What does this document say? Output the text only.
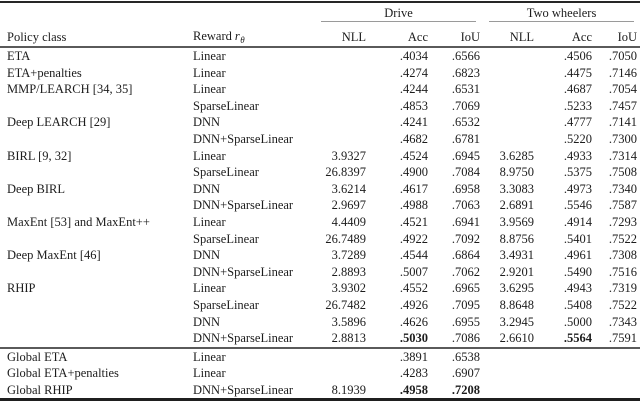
		Drive			Two wheelers		

Policy class	Reward $r_\theta$	NLL	Acc	IoU	NLL	Acc	IoU
ETA	Linear		.4034	.6566		.4506	.7050
ETA+penalties	Linear		.4274	.6823		.4475	.7146
MMP/LEARCH [34, 35]	Linear		.4244	.6531		.4687	.7054
	SparseLinear		.4853	.7069		.5233	.7457
Deep LEARCH [29]	DNN		.4241	.6532		.4777	.7141
	DNN+SparseLinear		.4682	.6781		.5220	.7300
BIRL [9, 32]	Linear	3.9327	.4524	.6945	3.6285	.4933	.7314
	SparseLinear	26.8397	.4900	.7084	8.9750	.5375	.7508
Deep BIRL	DNN	3.6214	.4617	.6958	3.3083	.4973	.7340
	DNN+SparseLinear	2.9697	.4988	.7063	2.6891	.5546	.7587
MaxEnt [53] and MaxEnt++	Linear	4.4409	.4521	.6941	3.9569	.4914	.7293
	SparseLinear	26.7489	.4922	.7092	8.8756	.5401	.7522
Deep MaxEnt [46]	DNN	3.7289	.4544	.6864	3.4931	.4961	.7308
	DNN+SparseLinear	2.8893	.5007	.7062	2.9201	.5490	.7516
RHIP	Linear	3.9302	.4552	.6965	3.6295	.4943	.7319
	SparseLinear	26.7482	.4926	.7095	8.8648	.5408	.7522
	DNN	3.5896	.4626	.6955	3.2945	.5000	.7343
	DNN+SparseLinear	2.8813	.5030	.7086	2.6610	.5564	.7591
Global ETA	Linear		.3891	.6538			
Global ETA+penalties	Linear		.4283	.6907			
Global RHIP	DNN+SparseLinear	8.1939	.4958	.7208			
